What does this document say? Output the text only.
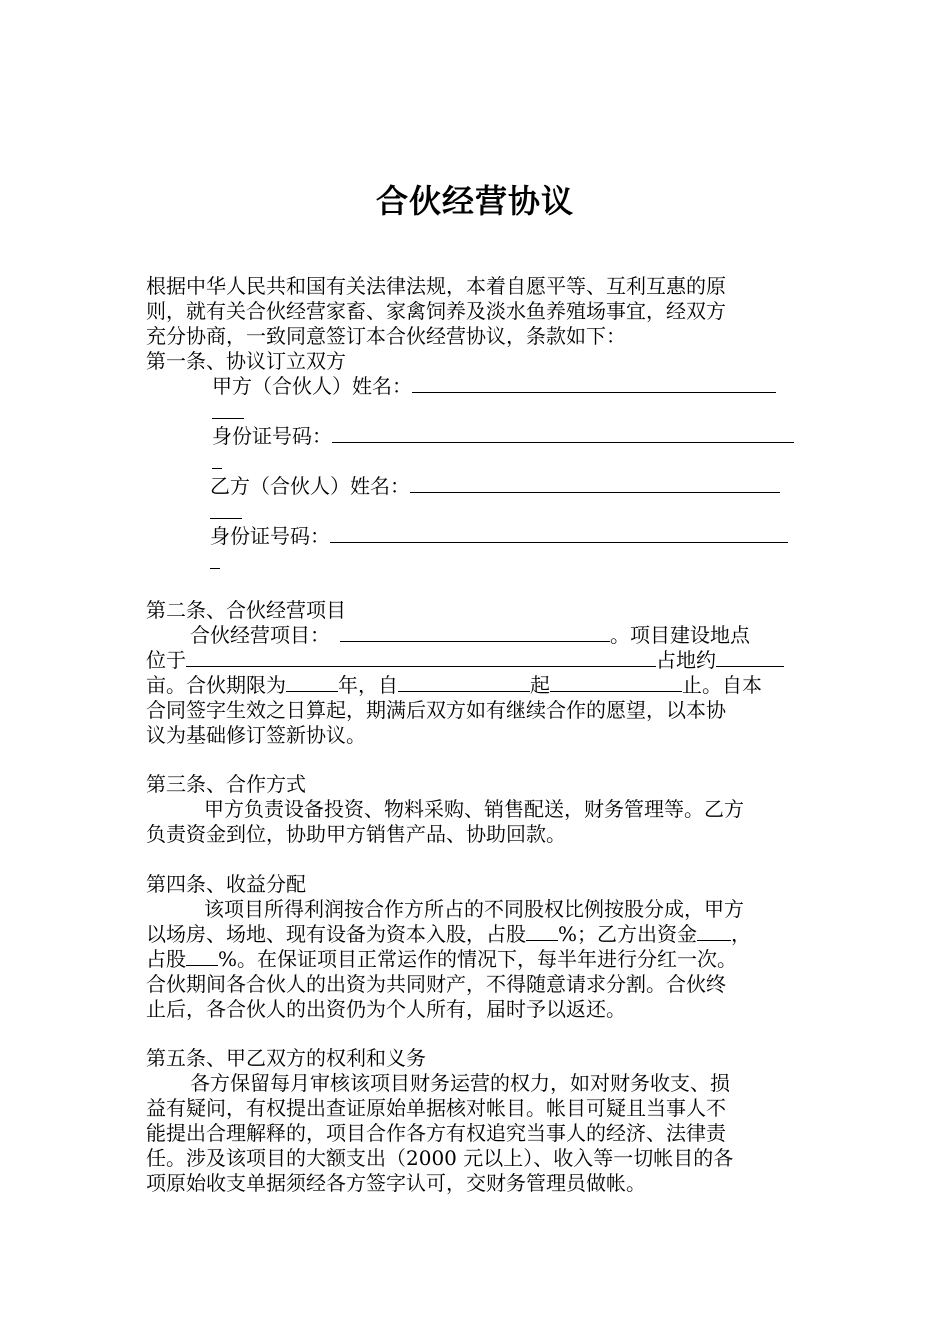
合伙经营协议
根据中华人民共和国有关法律法规，本着自愿平等、互利互惠的原
则，就有关合伙经营家畜、家禽饲养及淡水鱼养殖场事宜，经双方
充分协商，一致同意签订本合伙经营协议，条款如下：
第一条、协议订立双方
甲方（合伙人）姓名：
身份证号码：
乙方（合伙人）姓名：
身份证号码：
第二条、合伙经营项目
合伙经营项目：	。项目建设地点
位于	占地约
亩。合伙期限为	年，自	起	止。自本
合同签字生效之日算起，期满后双方如有继续合作的愿望，以本协
议为基础修订签新协议。
第三条、合作方式
甲方负责设备投资、物料采购、销售配送，财务管理等。乙方
负责资金到位，协助甲方销售产品、协助回款。
第四条、收益分配
该项目所得利润按合作方所占的不同股权比例按股分成，甲方
以场房、场地、现有设备为资本入股，占股 %；乙方出资金 ，
占股 %。在保证项目正常运作的情况下，每半年进行分红一次。
合伙期间各合伙人的出资为共同财产，不得随意请求分割。合伙终
止后，各合伙人的出资仍为个人所有，届时予以返还。
第五条、甲乙双方的权利和义务
各方保留每月审核该项目财务运营的权力，如对财务收支、损
益有疑问，有权提出查证原始单据核对帐目。帐目可疑且当事人不
能提出合理解释的，项目合作各方有权追究当事人的经济、法律责
任。涉及该项目的大额支出（2000 元以上）、收入等一切帐目的各
项原始收支单据须经各方签字认可，交财务管理员做帐。
